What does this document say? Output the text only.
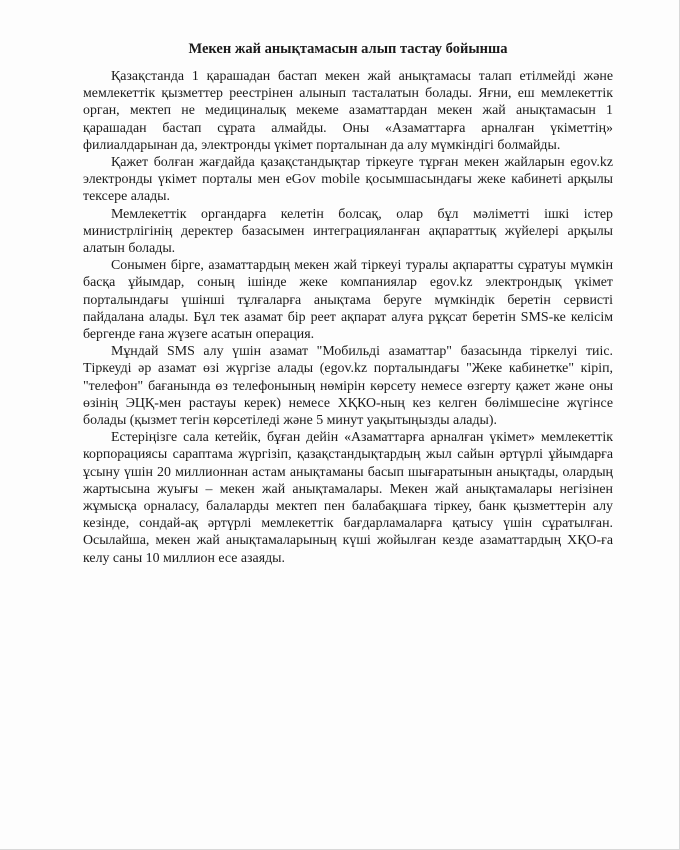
Мекен жай анықтамасын алып тастау бойынша

Қазақстанда 1 қарашадан бастап мекен жай анықтамасы талап етілмейді және мемлекеттік қызметтер реестрінен алынып тасталатын болады. Яғни, еш мемлекеттік орган, мектеп не медициналық мекеме азаматтардан мекен жай анықтамасын 1 қарашадан бастап сұрата алмайды. Оны «Азаматтарға арналған үкіметтің» филиалдарынан да, электронды үкімет порталынан да алу мүмкіндігі болмайды.

Қажет болған жағдайда қазақстандықтар тіркеуге тұрған мекен жайларын egov.kz электронды үкімет порталы мен eGov mobile қосымшасындағы жеке кабинеті арқылы тексере алады.

Мемлекеттік органдарға келетін болсақ, олар бұл мәліметті ішкі істер министрлігінің деректер базасымен интеграцияланған ақпараттық жүйелері арқылы алатын болады.

Сонымен бірге, азаматтардың мекен жай тіркеуі туралы ақпаратты сұратуы мүмкін басқа ұйымдар, соның ішінде жеке компаниялар egov.kz электрондық үкімет порталындағы үшінші тұлғаларға анықтама беруге мүмкіндік беретін сервисті пайдалана алады. Бұл тек азамат бір реет ақпарат алуға рұқсат беретін SMS-ке келісім бергенде ғана жүзеге асатын операция.

Мұндай SMS алу үшін азамат "Мобильді азаматтар" базасында тіркелуі тиіс. Тіркеуді әр азамат өзі жүргізе алады (egov.kz порталындағы "Жеке кабинетке" кіріп, "телефон" бағанында өз телефонының нөмірін көрсету немесе өзгерту қажет және оны өзінің ЭЦҚ-мен растауы керек) немесе ХҚКО-ның кез келген бөлімшесіне жүгінсе болады (қызмет тегін көрсетіледі және 5 минут уақытыңызды алады).

Естеріңізге сала кетейік, бұған дейін «Азаматтарға арналған үкімет» мемлекеттік корпорациясы сараптама жүргізіп, қазақстандықтардың жыл сайын әртүрлі ұйымдарға ұсыну үшін 20 миллионнан астам анықтаманы басып шығаратынын анықтады, олардың жартысына жуығы – мекен жай анықтамалары. Мекен жай анықтамалары негізінен жұмысқа орналасу, балаларды мектеп пен балабақшаға тіркеу, банк қызметтерін алу кезінде, сондай-ақ әртүрлі мемлекеттік бағдарламаларға қатысу үшін сұратылған. Осылайша, мекен жай анықтамаларының күші жойылған кезде азаматтардың ХҚО-ға келу саны 10 миллион есе азаяды.
